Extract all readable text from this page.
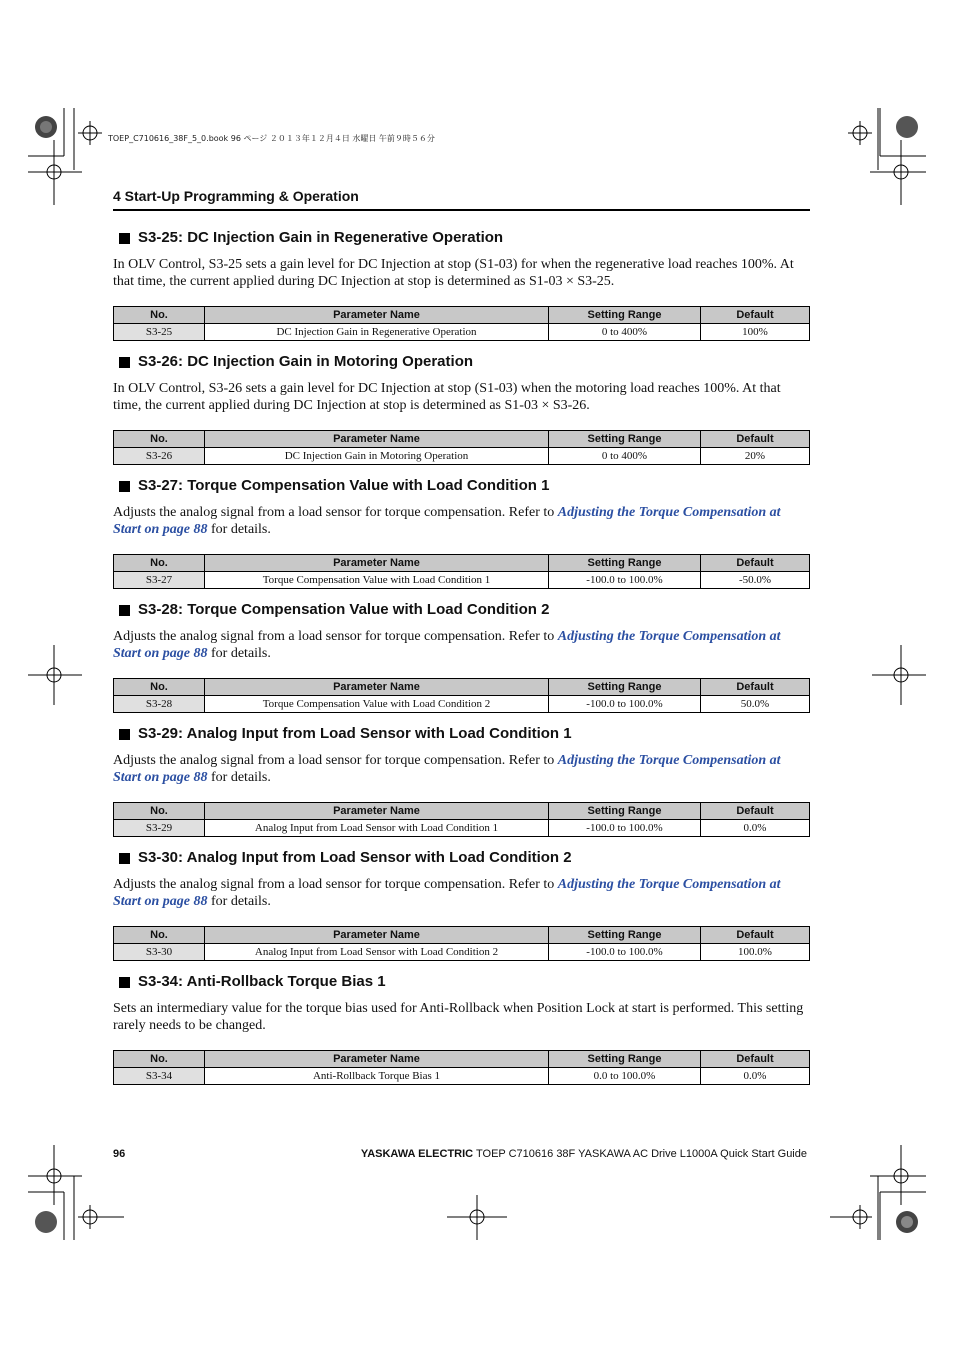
TOEP_C710616_38F_5_0.book 96 ページ ２０１３年１２月４日 水曜日 午前９時５６分
4 Start-Up Programming & Operation
S3-25: DC Injection Gain in Regenerative Operation

In OLV Control, S3-25 sets a gain level for DC Injection at stop (S1-03) for when the regenerative load reaches 100%. At that time, the current applied during DC Injection at stop is determined as S1-03 × S3-25.

No.	Parameter Name	Setting Range	Default
S3-25	DC Injection Gain in Regenerative Operation	0 to 400%	100%
S3-26: DC Injection Gain in Motoring Operation

In OLV Control, S3-26 sets a gain level for DC Injection at stop (S1-03) when the motoring load reaches 100%. At that time, the current applied during DC Injection at stop is determined as S1-03 × S3-26.

No.	Parameter Name	Setting Range	Default
S3-26	DC Injection Gain in Motoring Operation	0 to 400%	20%
S3-27: Torque Compensation Value with Load Condition 1

Adjusts the analog signal from a load sensor for torque compensation. Refer to Adjusting the Torque Compensation at Start on page 88 for details.

No.	Parameter Name	Setting Range	Default
S3-27	Torque Compensation Value with Load Condition 1	-100.0 to 100.0%	-50.0%
S3-28: Torque Compensation Value with Load Condition 2

Adjusts the analog signal from a load sensor for torque compensation. Refer to Adjusting the Torque Compensation at Start on page 88 for details.

No.	Parameter Name	Setting Range	Default
S3-28	Torque Compensation Value with Load Condition 2	-100.0 to 100.0%	50.0%
S3-29: Analog Input from Load Sensor with Load Condition 1

Adjusts the analog signal from a load sensor for torque compensation. Refer to Adjusting the Torque Compensation at Start on page 88 for details.

No.	Parameter Name	Setting Range	Default
S3-29	Analog Input from Load Sensor with Load Condition 1	-100.0 to 100.0%	0.0%
S3-30: Analog Input from Load Sensor with Load Condition 2

Adjusts the analog signal from a load sensor for torque compensation. Refer to Adjusting the Torque Compensation at Start on page 88 for details.

No.	Parameter Name	Setting Range	Default
S3-30	Analog Input from Load Sensor with Load Condition 2	-100.0 to 100.0%	100.0%
S3-34: Anti-Rollback Torque Bias 1

Sets an intermediary value for the torque bias used for Anti-Rollback when Position Lock at start is performed. This setting rarely needs to be changed.

No.	Parameter Name	Setting Range	Default
S3-34	Anti-Rollback Torque Bias 1	0.0 to 100.0%	0.0%
96	YASKAWA ELECTRIC TOEP C710616 38F YASKAWA AC Drive L1000A Quick Start Guide
